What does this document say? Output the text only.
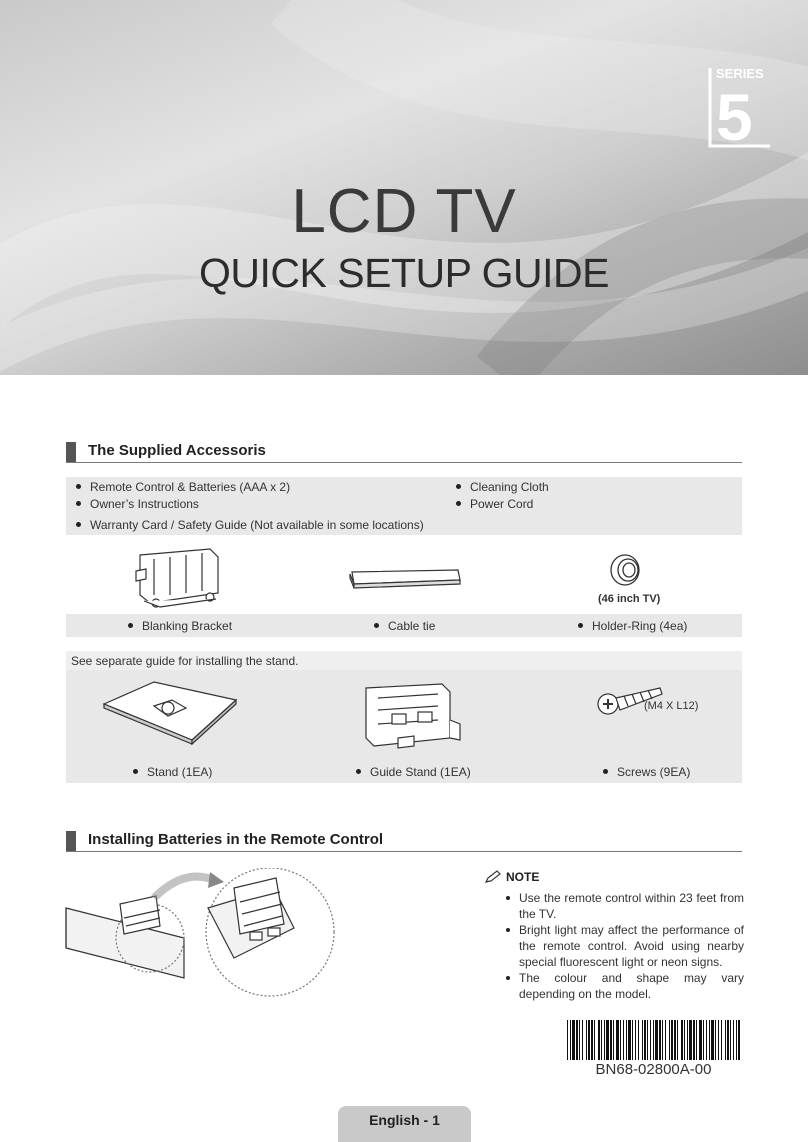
SERIES
5
LCD TV
QUICK SETUP GUIDE
The Supplied Accessoris
Remote Control & Batteries (AAA x 2)
Owner’s Instructions
Warranty Card / Safety Guide (Not available in some locations)
Cleaning Cloth
Power Cord
(46 inch TV)
Blanking Bracket	Cable tie	Holder-Ring (4ea)
See separate guide for installing the stand.
(M4 X L12)
Stand (1EA)	Guide Stand (1EA)	Screws (9EA)
Installing Batteries in the Remote Control
NOTE
Use the remote control within 23 feet from the TV.
Bright light may affect the performance of the remote control. Avoid using nearby special fluorescent light or neon signs.
The colour and shape may vary depending on the model.
BN68-02800A-00
English - 1
